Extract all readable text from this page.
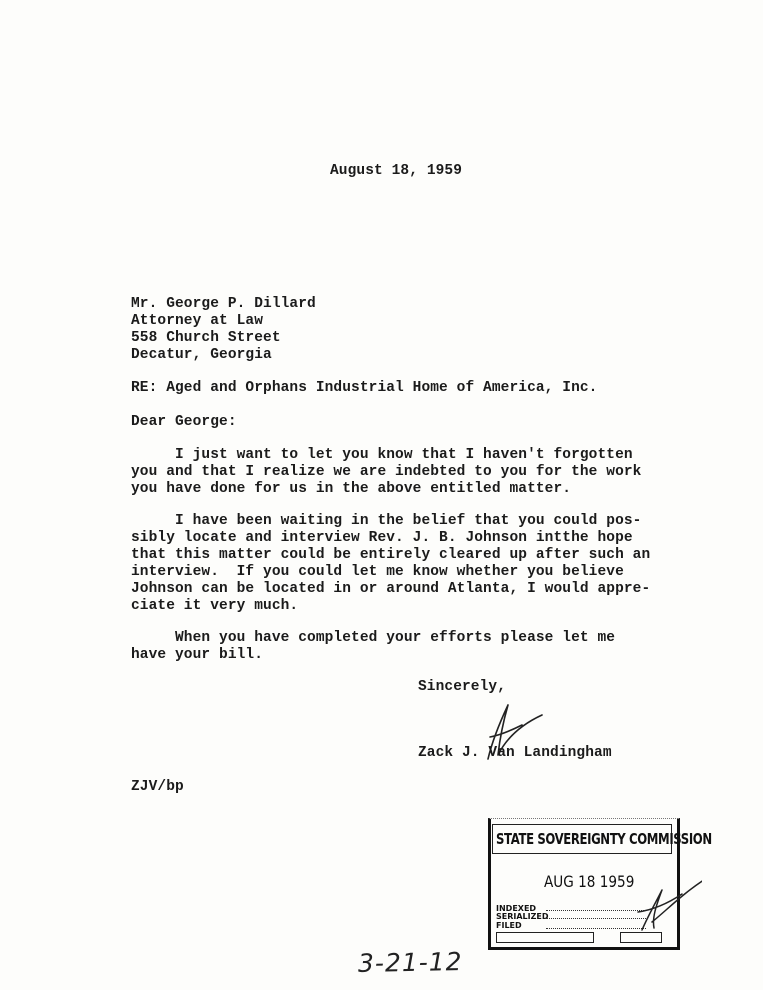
August 18, 1959
Mr. George P. Dillard
Attorney at Law
558 Church Street
Decatur, Georgia
RE: Aged and Orphans Industrial Home of America, Inc.
Dear George:
I just want to let you know that I haven't forgotten
you and that I realize we are indebted to you for the work
you have done for us in the above entitled matter.
I have been waiting in the belief that you could pos-
sibly locate and interview Rev. J. B. Johnson intthe hope
that this matter could be entirely cleared up after such an
interview.  If you could let me know whether you believe
Johnson can be located in or around Atlanta, I would appre-
ciate it very much.
When you have completed your efforts please let me
have your bill.
Sincerely,
Zack J. Van Landingham
ZJV/bp
STATE SOVEREIGNTY COMMISSION
AUG 18 1959
INDEXED
SERIALIZED
FILED
3-21-12
